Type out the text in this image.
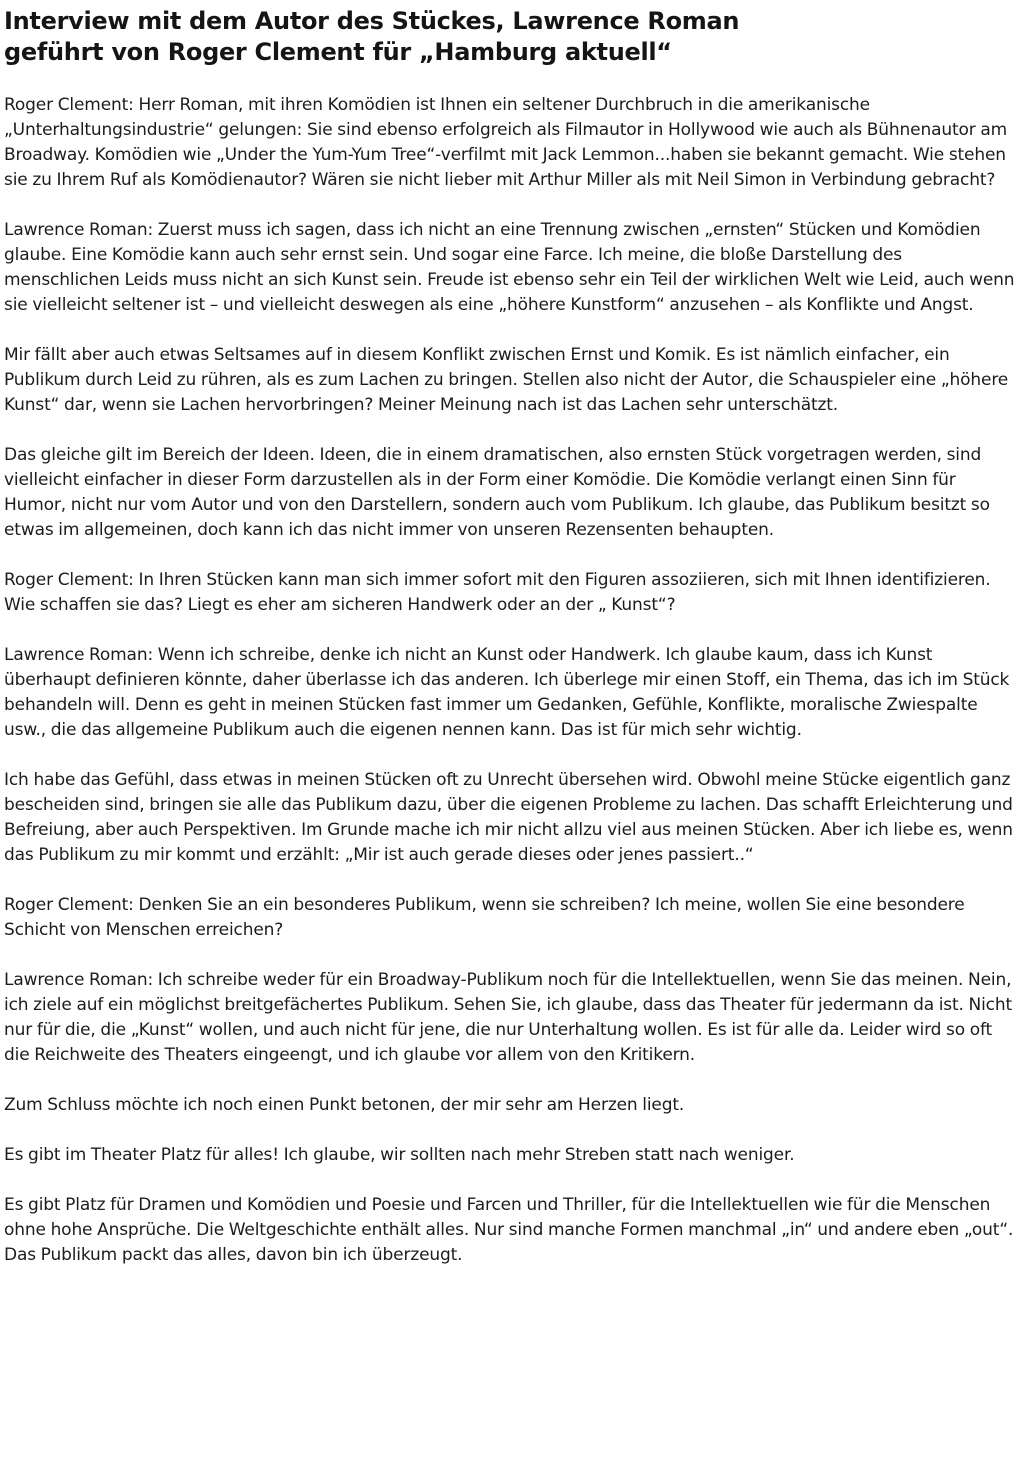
Interview mit dem Autor des Stückes, Lawrence Roman
geführt von Roger Clement für „Hamburg aktuell“

Roger Clement: Herr Roman, mit ihren Komödien ist Ihnen ein seltener Durchbruch in die amerikanische „Unterhaltungsindustrie“ gelungen: Sie sind ebenso erfolgreich als Filmautor in Hollywood wie auch als Bühnenautor am Broadway. Komödien wie „Under the Yum-Yum Tree“-verfilmt mit Jack Lemmon...haben sie bekannt gemacht. Wie stehen sie zu Ihrem Ruf als Komödienautor? Wären sie nicht lieber mit Arthur Miller als mit Neil Simon in Verbindung gebracht?

Lawrence Roman: Zuerst muss ich sagen, dass ich nicht an eine Trennung zwischen „ernsten“ Stücken und Komödien glaube. Eine Komödie kann auch sehr ernst sein. Und sogar eine Farce. Ich meine, die bloße Darstellung des menschlichen Leids muss nicht an sich Kunst sein. Freude ist ebenso sehr ein Teil der wirklichen Welt wie Leid, auch wenn sie vielleicht seltener ist – und vielleicht deswegen als eine „höhere Kunstform“ anzusehen – als Konflikte und Angst.

Mir fällt aber auch etwas Seltsames auf in diesem Konflikt zwischen Ernst und Komik. Es ist nämlich einfacher, ein Publikum durch Leid zu rühren, als es zum Lachen zu bringen. Stellen also nicht der Autor, die Schauspieler eine „höhere Kunst“ dar, wenn sie Lachen hervorbringen? Meiner Meinung nach ist das Lachen sehr unterschätzt.

Das gleiche gilt im Bereich der Ideen. Ideen, die in einem dramatischen, also ernsten Stück vorgetragen werden, sind vielleicht einfacher in dieser Form darzustellen als in der Form einer Komödie. Die Komödie verlangt einen Sinn für Humor, nicht nur vom Autor und von den Darstellern, sondern auch vom Publikum. Ich glaube, das Publikum besitzt so etwas im allgemeinen, doch kann ich das nicht immer von unseren Rezensenten behaupten.

Roger Clement: In Ihren Stücken kann man sich immer sofort mit den Figuren assoziieren, sich mit Ihnen identifizieren. Wie schaffen sie das? Liegt es eher am sicheren Handwerk oder an der „ Kunst“?

Lawrence Roman: Wenn ich schreibe, denke ich nicht an Kunst oder Handwerk. Ich glaube kaum, dass ich Kunst überhaupt definieren könnte, daher überlasse ich das anderen. Ich überlege mir einen Stoff, ein Thema, das ich im Stück behandeln will. Denn es geht in meinen Stücken fast immer um Gedanken, Gefühle, Konflikte, moralische Zwiespalte usw., die das allgemeine Publikum auch die eigenen nennen kann. Das ist für mich sehr wichtig.

Ich habe das Gefühl, dass etwas in meinen Stücken oft zu Unrecht übersehen wird. Obwohl meine Stücke eigentlich ganz bescheiden sind, bringen sie alle das Publikum dazu, über die eigenen Probleme zu lachen. Das schafft Erleichterung und Befreiung, aber auch Perspektiven. Im Grunde mache ich mir nicht allzu viel aus meinen Stücken. Aber ich liebe es, wenn das Publikum zu mir kommt und erzählt: „Mir ist auch gerade dieses oder jenes passiert..“

Roger Clement: Denken Sie an ein besonderes Publikum, wenn sie schreiben? Ich meine, wollen Sie eine besondere Schicht von Menschen erreichen?

Lawrence Roman: Ich schreibe weder für ein Broadway-Publikum noch für die Intellektuellen, wenn Sie das meinen. Nein, ich ziele auf ein möglichst breitgefächertes Publikum. Sehen Sie, ich glaube, dass das Theater für jedermann da ist. Nicht nur für die, die „Kunst“ wollen, und auch nicht für jene, die nur Unterhaltung wollen. Es ist für alle da. Leider wird so oft die Reichweite des Theaters eingeengt, und ich glaube vor allem von den Kritikern.

Zum Schluss möchte ich noch einen Punkt betonen, der mir sehr am Herzen liegt.

Es gibt im Theater Platz für alles! Ich glaube, wir sollten nach mehr Streben statt nach weniger.

Es gibt Platz für Dramen und Komödien und Poesie und Farcen und Thriller, für die Intellektuellen wie für die Menschen ohne hohe Ansprüche. Die Weltgeschichte enthält alles. Nur sind manche Formen manchmal „in“ und andere eben „out“. Das Publikum packt das alles, davon bin ich überzeugt.
